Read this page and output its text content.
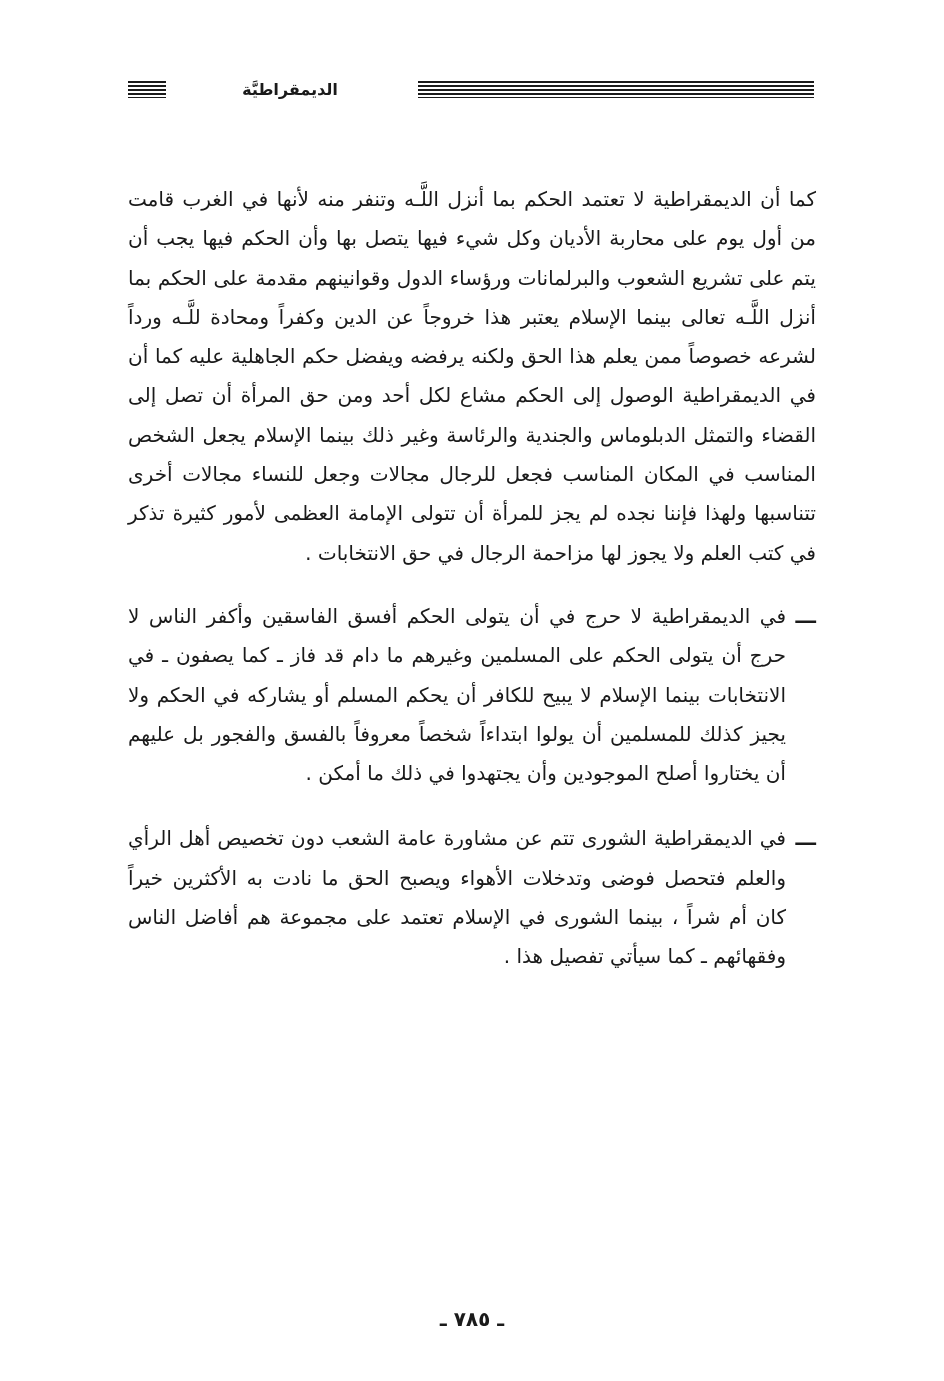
الديمقراطيَّة

كما أن الديمقراطية لا تعتمد الحكم بما أنزل اللَّـه وتنفر منه لأنها في الغرب قامت من أول يوم على محاربة الأديان وكل شيء فيها يتصل بها وأن الحكم فيها يجب أن يتم على تشريع الشعوب والبرلمانات ورؤساء الدول وقوانينهم مقدمة على الحكم بما أنزل اللَّـه تعالى بينما الإسلام يعتبر هذا خروجاً عن الدين وكفراً ومحادة للَّـه ورداً لشرعه خصوصاً ممن يعلم هذا الحق ولكنه يرفضه ويفضل حكم الجاهلية عليه كما أن في الديمقراطية الوصول إلى الحكم مشاع لكل أحد ومن حق المرأة أن تصل إلى القضاء والتمثل الدبلوماس والجندية والرئاسة وغير ذلك بينما الإسلام يجعل الشخص المناسب في المكان المناسب فجعل للرجال مجالات وجعل للنساء مجالات أخرى تتناسبها ولهذا فإننا نجده لم يجز للمرأة أن تتولى الإمامة العظمى لأمور كثيرة تذكر في كتب العلم ولا يجوز لها مزاحمة الرجال في حق الانتخابات .

ـــ
في الديمقراطية لا حرج في أن يتولى الحكم أفسق الفاسقين وأكفر الناس لا حرج أن يتولى الحكم على المسلمين وغيرهم ما دام قد فاز ـ كما يصفون ـ في الانتخابات بينما الإسلام لا يبيح للكافر أن يحكم المسلم أو يشاركه في الحكم ولا يجيز كذلك للمسلمين أن يولوا ابتداءاً شخصاً معروفاً بالفسق والفجور بل عليهم أن يختاروا أصلح الموجودين وأن يجتهدوا في ذلك ما أمكن .
ـــ
في الديمقراطية الشورى تتم عن مشاورة عامة الشعب دون تخصيص أهل الرأي والعلم فتحصل فوضى وتدخلات الأهواء ويصبح الحق ما نادت به الأكثرين خيراً كان أم شراً ، بينما الشورى في الإسلام تعتمد على مجموعة هم أفاضل الناس وفقهائهم ـ كما سيأتي تفصيل هذا .
ـ ٧٨٥ ـ
